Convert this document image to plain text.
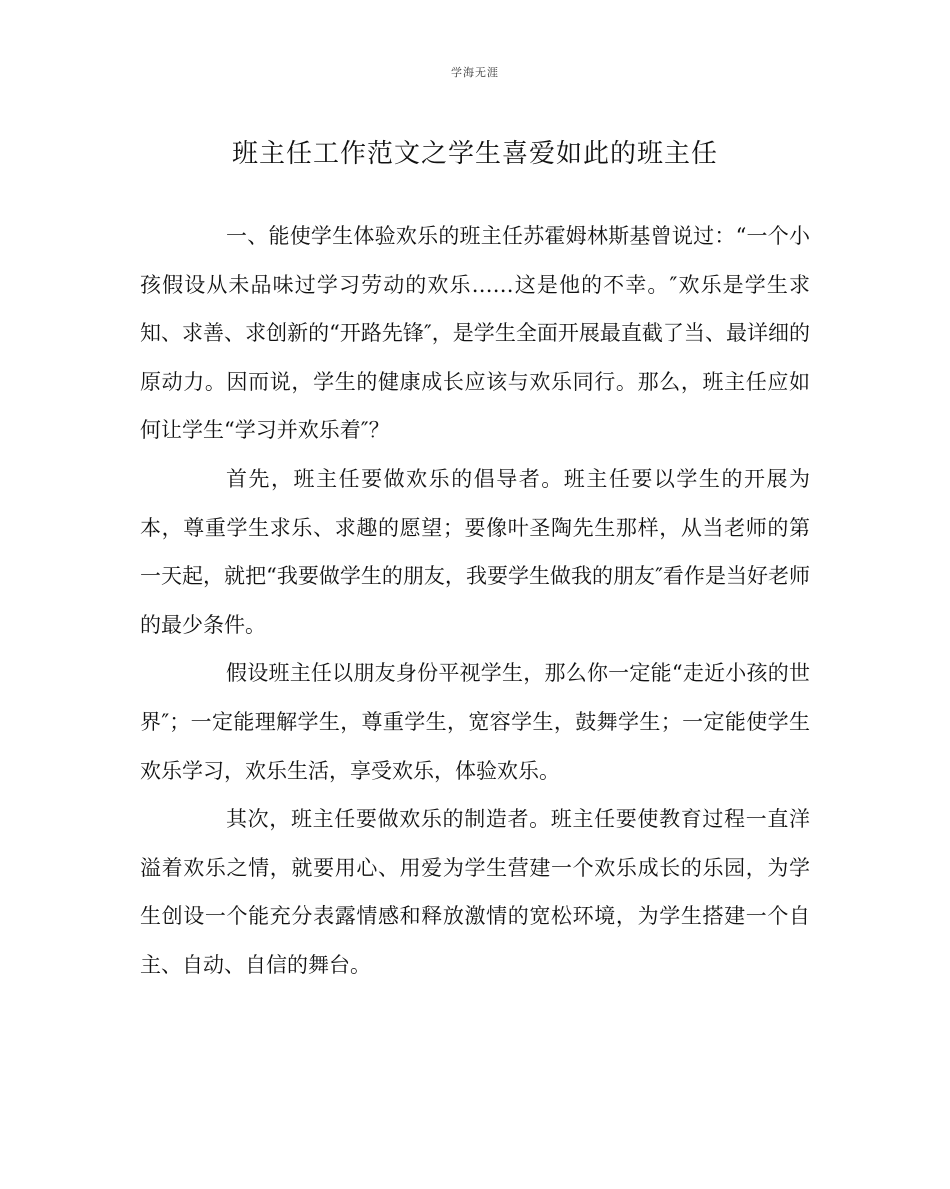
学海无涯
班主任工作范文之学生喜爱如此的班主任

一、能使学生体验欢乐的班主任苏霍姆林斯基曾说过：“一个小孩假设从未品味过学习劳动的欢乐……这是他的不幸。″欢乐是学生求知、求善、求创新的“开路先锋″，是学生全面开展最直截了当、最详细的原动力。因而说，学生的健康成长应该与欢乐同行。那么，班主任应如何让学生“学习并欢乐着″？

首先，班主任要做欢乐的倡导者。班主任要以学生的开展为本，尊重学生求乐、求趣的愿望；要像叶圣陶先生那样，从当老师的第一天起，就把“我要做学生的朋友，我要学生做我的朋友″看作是当好老师的最少条件。

假设班主任以朋友身份平视学生，那么你一定能“走近小孩的世界″；一定能理解学生，尊重学生，宽容学生，鼓舞学生；一定能使学生欢乐学习，欢乐生活，享受欢乐，体验欢乐。

其次，班主任要做欢乐的制造者。班主任要使教育过程一直洋溢着欢乐之情，就要用心、用爱为学生营建一个欢乐成长的乐园，为学生创设一个能充分表露情感和释放激情的宽松环境，为学生搭建一个自主、自动、自信的舞台。
